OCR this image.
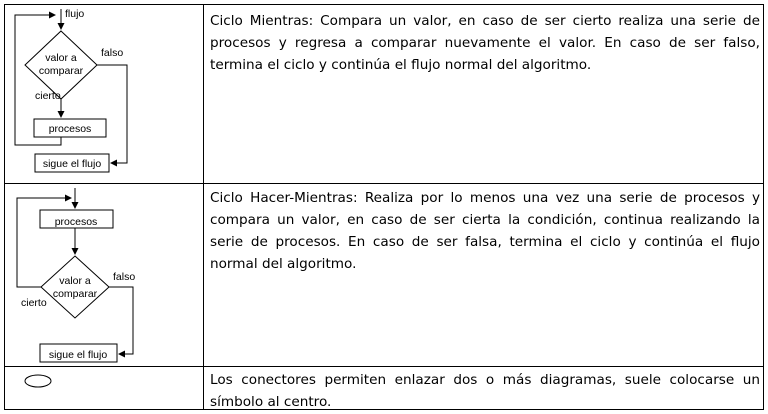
flujo
valor a
comparar
falso
cierto
procesos
sigue el flujo

Ciclo Mientras: Compara un valor, en caso de ser cierto realiza una serie de procesos y regresa a comparar nuevamente el valor. En caso de ser falso, termina el ciclo y continúa el flujo normal del algoritmo.

procesos
valor a
comparar
falso
cierto
sigue el flujo

Ciclo Hacer-Mientras: Realiza por lo menos una vez una serie de procesos y compara un valor, en caso de ser cierta la condición, continua realizando la serie de procesos. En caso de ser falsa, termina el ciclo y continúa el flujo normal del algoritmo.

Los conectores permiten enlazar dos o más diagramas, suele colocarse un símbolo al centro.
